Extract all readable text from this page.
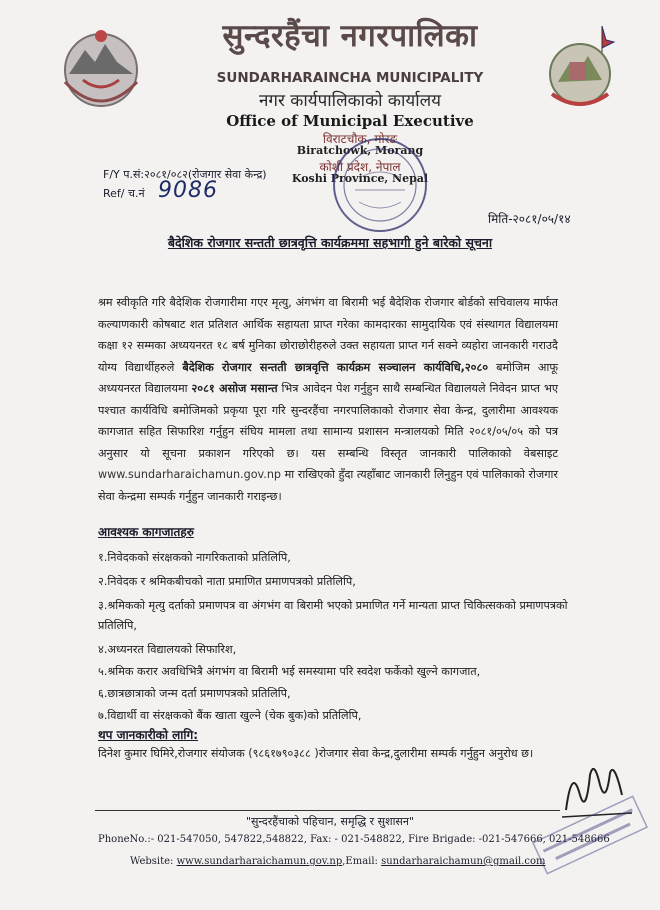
सुन्दरहैंचा नगरपालिका
SUNDARHARAINCHA MUNICIPALITY
नगर कार्यपालिकाको कार्यालय
Office of Municipal Executive
विराटचौक, मोरङ
Biratchowk, Morang
कोशी प्रदेश, नेपाल
Koshi Province, Nepal
F/Y प.सं:२०८१/०८२(रोजगार सेवा केन्द्र)
Ref/ च.नं 9086
मिति-२०८१/०५/१४
बैदेशिक रोजगार सन्तती छात्रवृत्ति कार्यक्रममा सहभागी हुने बारेको सूचना
श्रम स्वीकृति गरि बैदेशिक रोजगारीमा गएर मृत्यु, अंगभंग वा बिरामी भई बैदेशिक रोजगार बोर्डको सचिवालय मार्फत कल्याणकारी कोषबाट शत प्रतिशत आर्थिक सहायता प्राप्त गरेका कामदारका सामुदायिक एवं संस्थागत विद्यालयमा कक्षा १२ सम्मका अध्ययनरत १८ बर्ष मुनिका छोराछोरीहरुले उक्त सहायता प्राप्त गर्न सक्ने व्यहोरा जानकारी गराउदै योग्य विद्यार्थीहरुले बैदेशिक रोजगार सन्तती छात्रवृत्ति कार्यक्रम सञ्चालन कार्यविधि,२०८० बमोजिम आफू अध्ययनरत विद्यालयमा २०८१ असोज मसान्त भित्र आवेदन पेश गर्नुहुन साथै सम्बन्धित विद्यालयले निवेदन प्राप्त भए पश्चात कार्यविधि बमोजिमको प्रकृया पूरा गरि सुन्दरहैंचा नगरपालिकाको रोजगार सेवा केन्द्र, दुलारीमा आवश्यक कागजात सहित सिफारिश गर्नुहुन संघिय मामला तथा सामान्य प्रशासन मन्त्रालयको मिति २०८१/०५/०५ को पत्र अनुसार यो सूचना प्रकाशन गरिएको छ। यस सम्बन्धि विस्तृत जानकारी पालिकाको वेबसाइट www.sundarharaichamun.gov.np मा राखिएको हुँदा त्यहाँबाट जानकारी लिनुहुन एवं पालिकाको रोजगार सेवा केन्द्रमा सम्पर्क गर्नुहुन जानकारी गराइन्छ।
आवश्यक कागजातहरु
१.निवेदकको संरक्षकको नागरिकताको प्रतिलिपि,
२.निवेदक र श्रमिकबीचको नाता प्रमाणित प्रमाणपत्रको प्रतिलिपि,
३.श्रमिकको मृत्यु दर्ताको प्रमाणपत्र वा अंगभंग वा बिरामी भएको प्रमाणित गर्ने मान्यता प्राप्त चिकित्सकको प्रमाणपत्रको प्रतिलिपि,
४.अध्यनरत विद्यालयको सिफारिश,
५.श्रमिक करार अवधिभित्रै अंगभंग वा बिरामी भई समस्यामा परि स्वदेश फर्केको खुल्ने कागजात,
६.छात्रछात्राको जन्म दर्ता प्रमाणपत्रको प्रतिलिपि,
७.विद्यार्थी वा संरक्षकको बैंक खाता खुल्ने (चेक बुक)को प्रतिलिपि,
थप जानकारीको लागि:
दिनेश कुमार घिमिरे,रोजगार संयोजक (९८६१७९०३८८ )रोजगार सेवा केन्द्र,दुलारीमा सम्पर्क गर्नुहुन अनुरोध छ।
"सुन्दरहैंचाको पहिचान, समृद्धि र सुशासन"
PhoneNo.:- 021-547050, 547822,548822, Fax: - 021-548822, Fire Brigade: -021-547666, 021-548666
Website: www.sundarharaichamun.gov.np,Email: sundarharaichamun@gmail.com
